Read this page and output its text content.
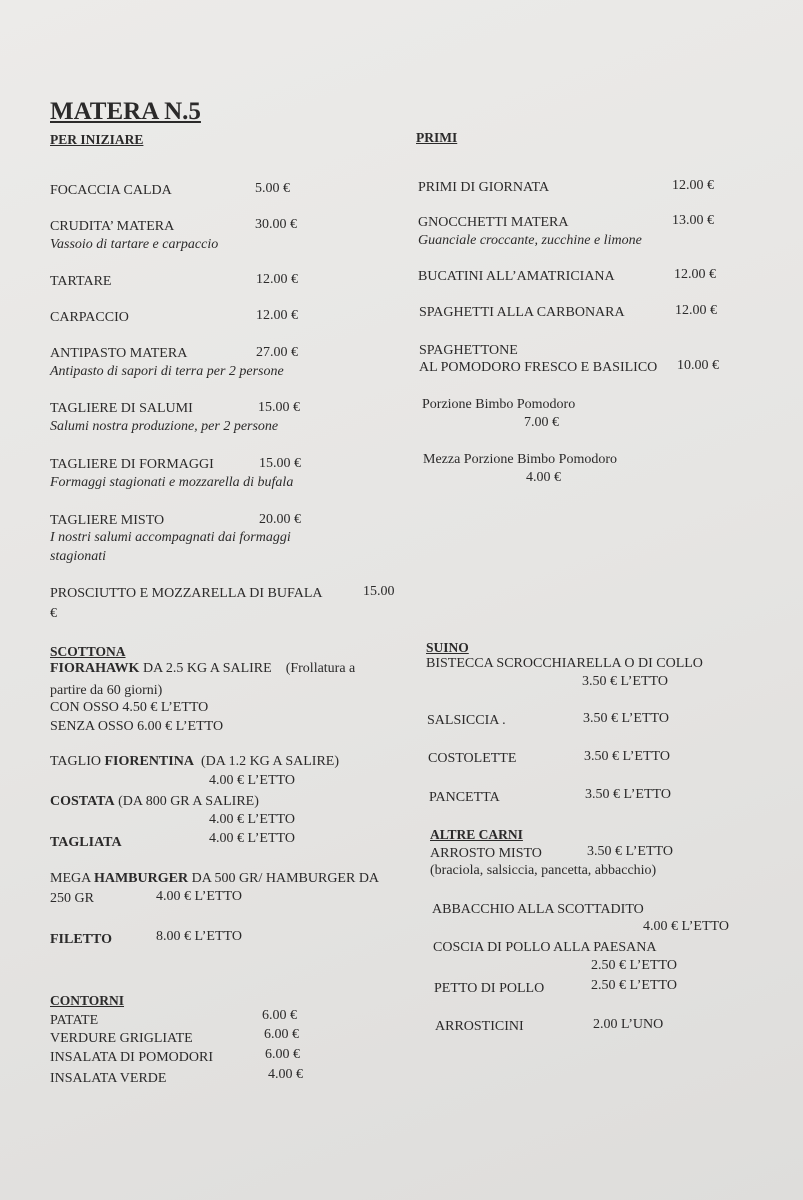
MATERA N.5
PER INIZIARE
FOCACCIA CALDA	5.00 €
CRUDITA’ MATERA	30.00 €
Vassoio di tartare e carpaccio
TARTARE	12.00 €
CARPACCIO	12.00 €
ANTIPASTO MATERA	27.00 €
Antipasto di sapori di terra per 2 persone
TAGLIERE DI SALUMI	15.00 €
Salumi nostra produzione, per 2 persone
TAGLIERE DI FORMAGGI	15.00 €
Formaggi stagionati e mozzarella di bufala
TAGLIERE MISTO	20.00 €
I nostri salumi accompagnati dai formaggi
stagionati
PROSCIUTTO E MOZZARELLA DI BUFALA	15.00
€
SCOTTONA
FIORAHAWK DA 2.5 KG A SALIRE    (Frollatura a
partire da 60 giorni)
CON OSSO 4.50 € L’ETTO
SENZA OSSO 6.00 € L’ETTO
TAGLIO FIORENTINA  (DA 1.2 KG A SALIRE)
4.00 € L’ETTO
COSTATA (DA 800 GR A SALIRE)
4.00 € L’ETTO
TAGLIATA	4.00 € L’ETTO
MEGA HAMBURGER DA 500 GR/ HAMBURGER DA
250 GR	4.00 € L’ETTO
FILETTO	8.00 € L’ETTO
CONTORNI
PATATE	6.00 €
VERDURE GRIGLIATE	6.00 €
INSALATA DI POMODORI	6.00 €
INSALATA VERDE	4.00 €
PRIMI
PRIMI DI GIORNATA	12.00 €
GNOCCHETTI MATERA	13.00 €
Guanciale croccante, zucchine e limone
BUCATINI ALL’AMATRICIANA	12.00 €
SPAGHETTI ALLA CARBONARA	12.00 €
SPAGHETTONE
AL POMODORO FRESCO E BASILICO 10.00 €
Porzione Bimbo Pomodoro
7.00 €
Mezza Porzione Bimbo Pomodoro
4.00 €
SUINO
BISTECCA SCROCCHIARELLA O DI COLLO
3.50 € L’ETTO
SALSICCIA .	3.50 € L’ETTO
COSTOLETTE	3.50 € L’ETTO
PANCETTA	3.50 € L’ETTO
ALTRE CARNI
ARROSTO MISTO	3.50 € L’ETTO
(braciola, salsiccia, pancetta, abbacchio)
ABBACCHIO ALLA SCOTTADITO
4.00 € L’ETTO
COSCIA DI POLLO ALLA PAESANA
2.50 € L’ETTO
PETTO DI POLLO	2.50 € L’ETTO
ARROSTICINI	2.00 L’UNO
